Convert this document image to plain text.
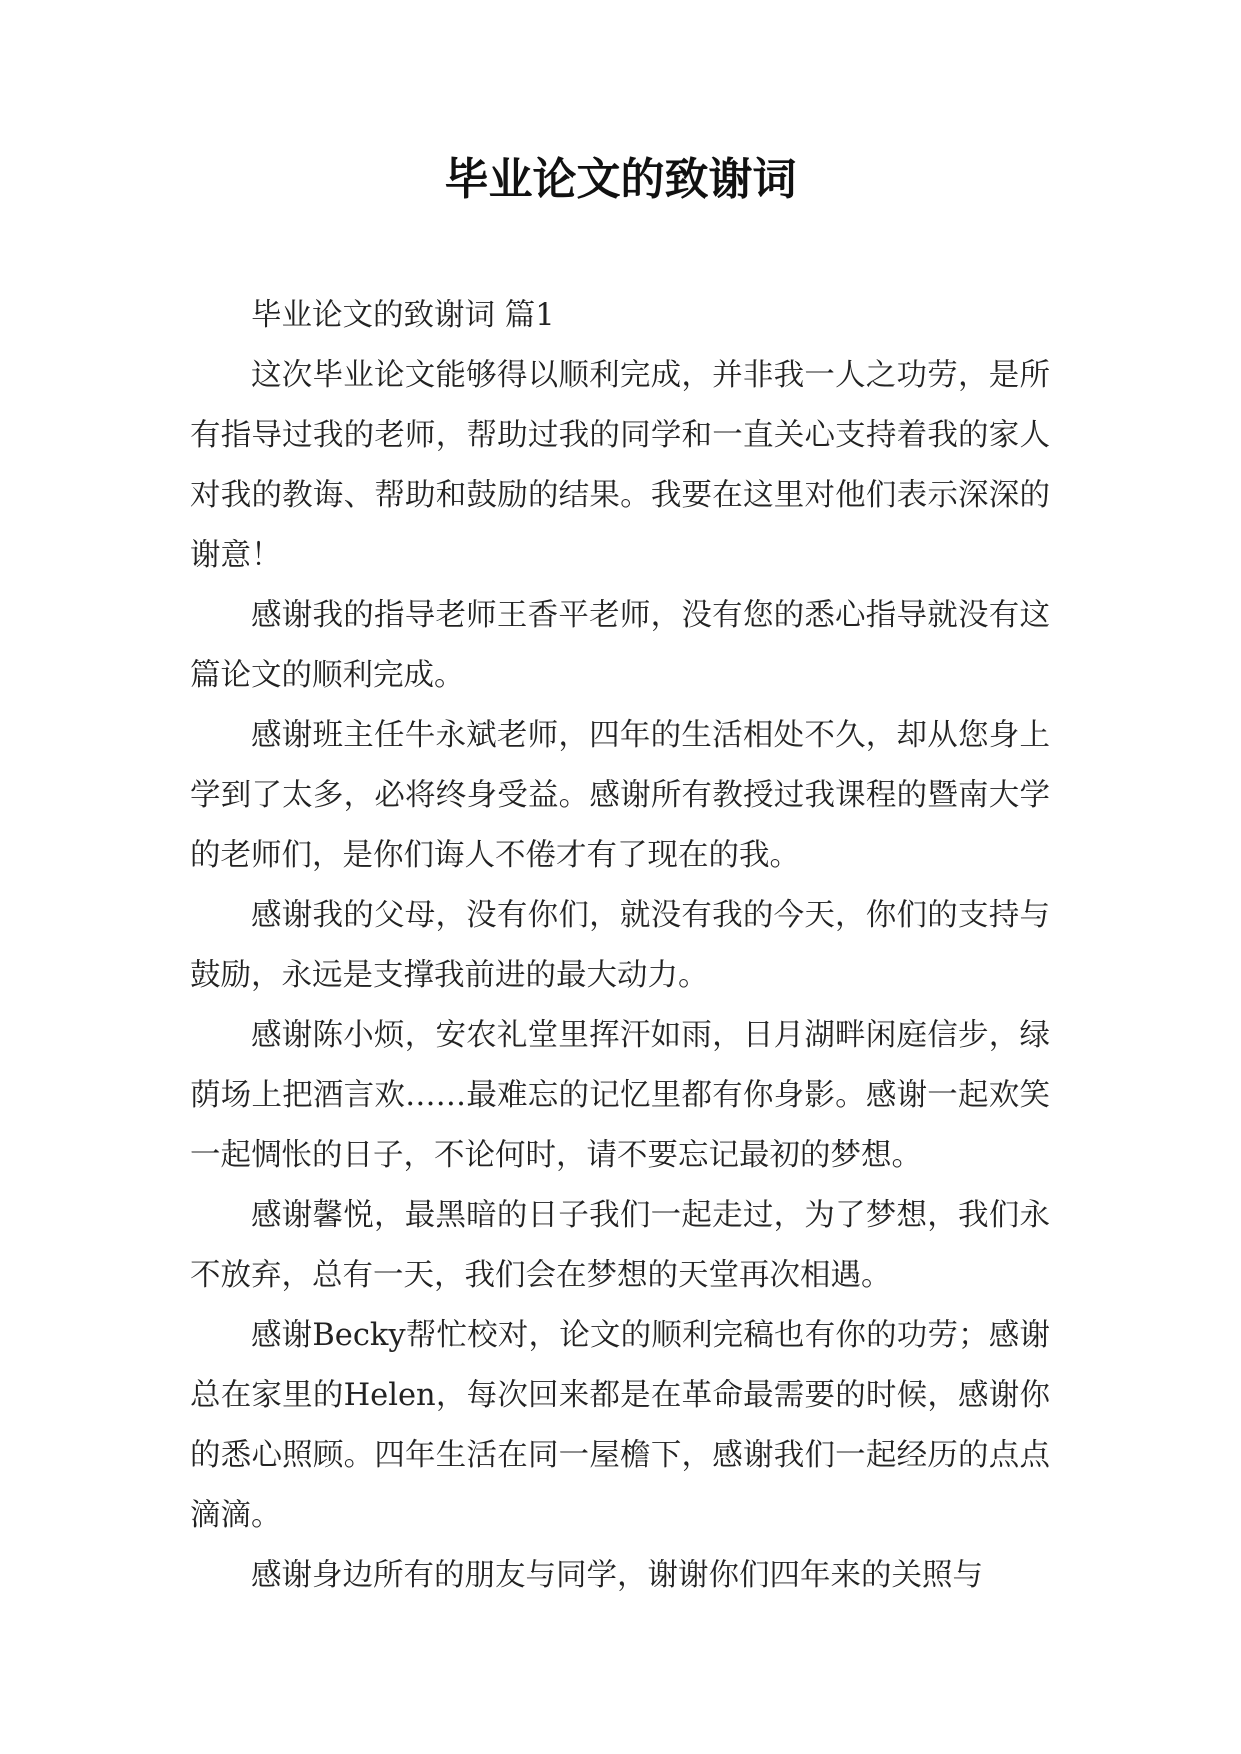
毕业论文的致谢词

毕业论文的致谢词 篇1

这次毕业论文能够得以顺利完成，并非我一人之功劳，是所有指导过我的老师，帮助过我的同学和一直关心支持着我的家人对我的教诲、帮助和鼓励的结果。我要在这里对他们表示深深的谢意！

感谢我的指导老师王香平老师，没有您的悉心指导就没有这篇论文的顺利完成。

感谢班主任牛永斌老师，四年的生活相处不久，却从您身上学到了太多，必将终身受益。感谢所有教授过我课程的暨南大学的老师们，是你们诲人不倦才有了现在的我。

感谢我的父母，没有你们，就没有我的今天，你们的支持与鼓励，永远是支撑我前进的最大动力。

感谢陈小烦，安农礼堂里挥汗如雨，日月湖畔闲庭信步，绿荫场上把酒言欢……最难忘的记忆里都有你身影。感谢一起欢笑一起惆怅的日子，不论何时，请不要忘记最初的梦想。

感谢馨悦，最黑暗的日子我们一起走过，为了梦想，我们永不放弃，总有一天，我们会在梦想的天堂再次相遇。

感谢Becky帮忙校对，论文的顺利完稿也有你的功劳；感谢总在家里的Helen，每次回来都是在革命最需要的时候，感谢你的悉心照顾。四年生活在同一屋檐下，感谢我们一起经历的点点滴滴。

感谢身边所有的朋友与同学，谢谢你们四年来的关照与
